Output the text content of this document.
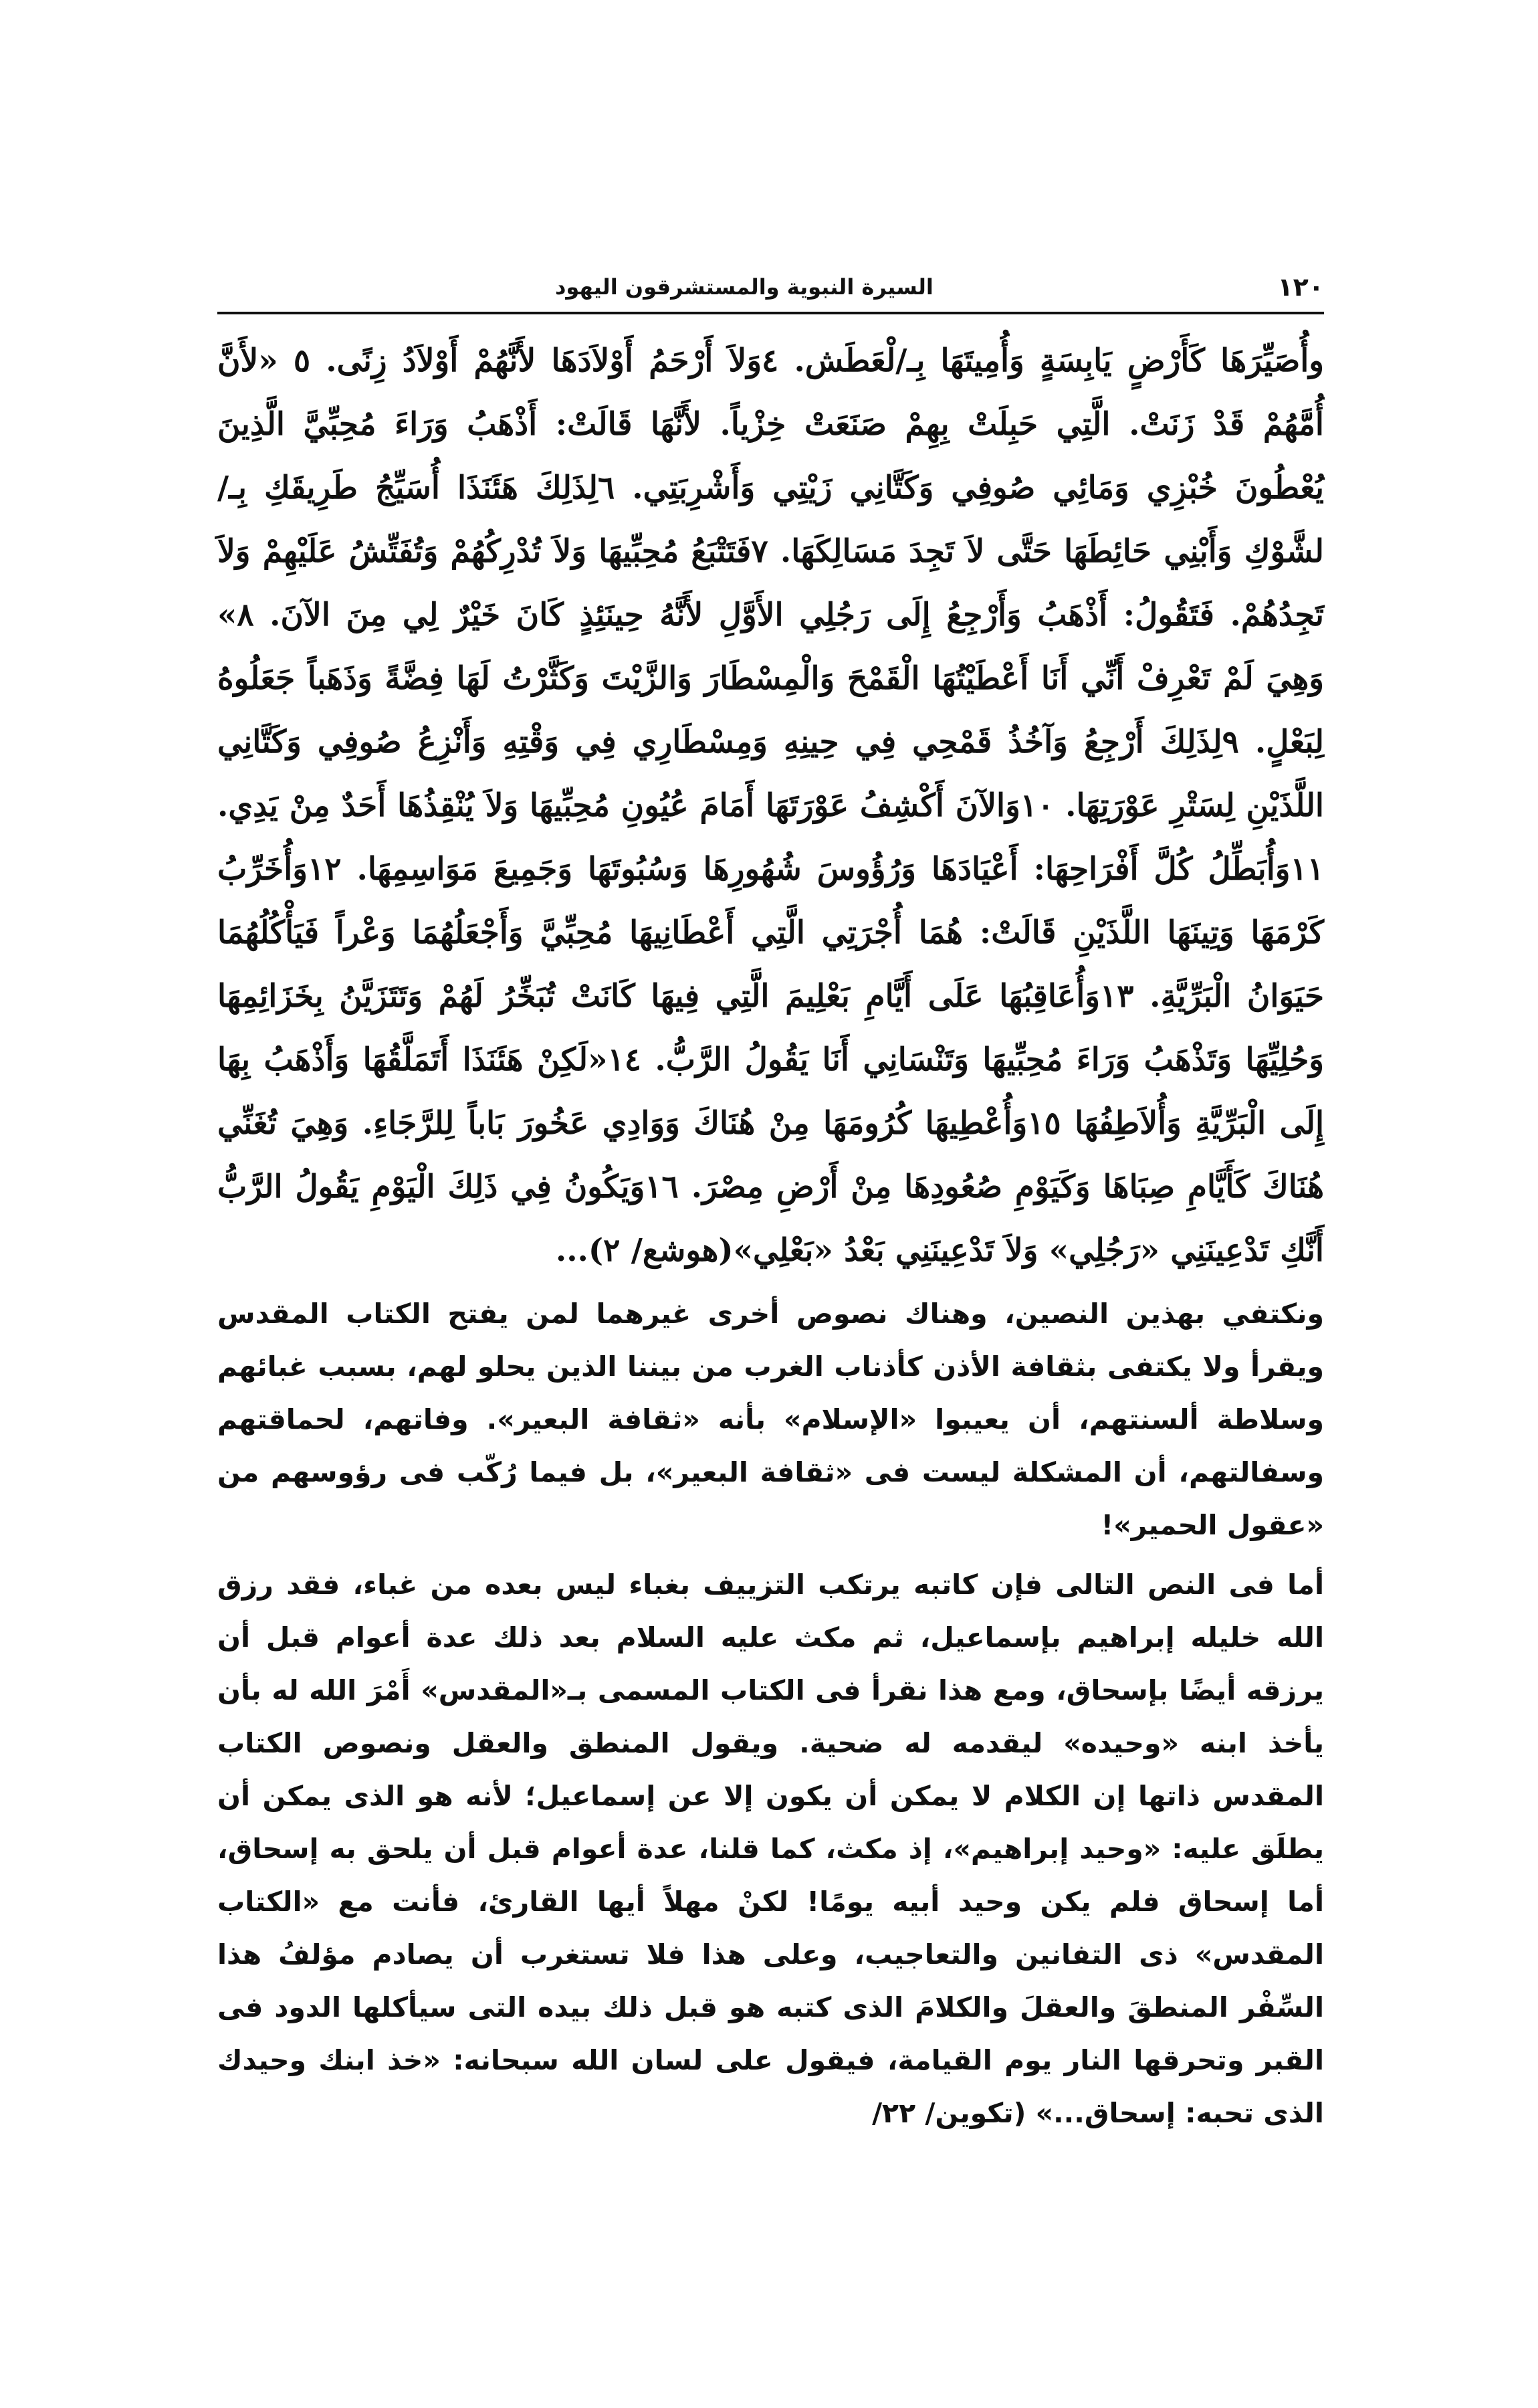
١٢٠
السيرة النبوية والمستشرقون اليهود

وأُصَيِّرَهَا كَأَرْضٍ يَابِسَةٍ وَأُمِيتَهَا بِـ/لْعَطَش. ٤وَلاَ أَرْحَمُ أَوْلاَدَهَا لأَنَّهُمْ أَوْلاَدُ زِنًى. ٥ «لأَنَّ أُمَّهُمْ قَدْ زَنَتْ. الَّتِي حَبِلَتْ بِهِمْ صَنَعَتْ خِزْياً. لأَنَّهَا قَالَتْ: أَذْهَبُ وَرَاءَ مُحِبِّيَّ الَّذِينَ يُعْطُونَ خُبْزِي وَمَائِي صُوفِي وَكَتَّانِي زَيْتِي وَأَشْرِبَتِي. ٦لِذَلِكَ هَئَنَذَا أُسَيِّجُ طَرِيقَكِ بِـ/لشَّوْكِ وَأَبْنِي حَائِطَهَا حَتَّى لاَ تَجِدَ مَسَالِكَهَا. ٧فَتَتْبَعُ مُحِبِّيهَا وَلاَ تُدْرِكُهُمْ وَتُفَتِّشُ عَلَيْهِمْ وَلاَ تَجِدُهُمْ. فَتَقُولُ: أَذْهَبُ وَأَرْجِعُ إِلَى رَجُلِي الأَوَّلِ لأَنَّهُ حِينَئِذٍ كَانَ خَيْرٌ لِي مِنَ الآنَ. ٨» وَهِيَ لَمْ تَعْرِفْ أَنِّي أَنَا أَعْطَيْتُهَا الْقَمْحَ وَالْمِسْطَارَ وَالزَّيْتَ وَكَثَّرْتُ لَهَا فِضَّةً وَذَهَباً جَعَلُوهُ لِبَعْلٍ. ٩لِذَلِكَ أَرْجِعُ وَآخُذُ قَمْحِي فِي حِينِهِ وَمِسْطَارِي فِي وَقْتِهِ وَأَنْزِعُ صُوفِي وَكَتَّانِي اللَّذَيْنِ لِسَتْرِ عَوْرَتِهَا. ١٠وَالآنَ أَكْشِفُ عَوْرَتَهَا أَمَامَ عُيُونِ مُحِبِّيهَا وَلاَ يُنْقِذُهَا أَحَدٌ مِنْ يَدِي. ١١وَأُبَطِّلُ كُلَّ أَفْرَاحِهَا: أَعْيَادَهَا وَرُؤُوسَ شُهُورِهَا وَسُبُوتَهَا وَجَمِيعَ مَوَاسِمِهَا. ١٢وَأُخَرِّبُ كَرْمَهَا وَتِينَهَا اللَّذَيْنِ قَالَتْ: هُمَا أُجْرَتِي الَّتِي أَعْطَانِيهَا مُحِبِّيَّ وَأَجْعَلُهُمَا وَعْراً فَيَأْكُلُهُمَا حَيَوَانُ الْبَرِّيَّةِ. ١٣وَأُعَاقِبُهَا عَلَى أَيَّامِ بَعْلِيمَ الَّتِي فِيهَا كَانَتْ تُبَخِّرُ لَهُمْ وَتَتَزَيَّنُ بِخَزَائِمِهَا وَحُلِيِّهَا وَتَذْهَبُ وَرَاءَ مُحِبِّيهَا وَتَنْسَانِي أَنَا يَقُولُ الرَّبُّ. ١٤«لَكِنْ هَئَنَذَا أَتَمَلَّقُهَا وَأَذْهَبُ بِهَا إِلَى الْبَرِّيَّةِ وَأُلاَطِفُهَا ١٥وَأُعْطِيهَا كُرُومَهَا مِنْ هُنَاكَ وَوَادِي عَخُورَ بَاباً لِلرَّجَاءِ. وَهِيَ تُغَنِّي هُنَاكَ كَأَيَّامِ صِبَاهَا وَكَيَوْمِ صُعُودِهَا مِنْ أَرْضِ مِصْرَ. ١٦وَيَكُونُ فِي ذَلِكَ الْيَوْمِ يَقُولُ الرَّبُّ أَنَّكِ تَدْعِينَنِي «رَجُلِي» وَلاَ تَدْعِينَنِي بَعْدُ «بَعْلِي»(هوشع/ ٢)...

ونكتفي بهذين النصين، وهناك نصوص أخرى غيرهما لمن يفتح الكتاب المقدس ويقرأ ولا يكتفى بثقافة الأذن كأذناب الغرب من بيننا الذين يحلو لهم، بسبب غبائهم وسلاطة ألسنتهم، أن يعيبوا «الإسلام» بأنه «ثقافة البعير». وفاتهم، لحماقتهم وسفالتهم، أن المشكلة ليست فى «ثقافة البعير»، بل فيما رُكّب فى رؤوسهم من «عقول الحمير»!

أما فى النص التالى فإن كاتبه يرتكب التزييف بغباء ليس بعده من غباء، فقد رزق الله خليله إبراهيم بإسماعيل، ثم مكث عليه السلام بعد ذلك عدة أعوام قبل أن يرزقه أيضًا بإسحاق، ومع هذا نقرأ فى الكتاب المسمى بـ«المقدس» أَمْرَ الله له بأن يأخذ ابنه «وحيده» ليقدمه له ضحية. ويقول المنطق والعقل ونصوص الكتاب المقدس ذاتها إن الكلام لا يمكن أن يكون إلا عن إسماعيل؛ لأنه هو الذى يمكن أن يطلَق عليه: «وحيد إبراهيم»، إذ مكث، كما قلنا، عدة أعوام قبل أن يلحق به إسحاق، أما إسحاق فلم يكن وحيد أبيه يومًا! لكنْ مهلاً أيها القارئ، فأنت مع «الكتاب المقدس» ذى التفانين والتعاجيب، وعلى هذا فلا تستغرب أن يصادم مؤلفُ هذا السِّفْر المنطقَ والعقلَ والكلامَ الذى كتبه هو قبل ذلك بيده التى سيأكلها الدود فى القبر وتحرقها النار يوم القيامة، فيقول على لسان الله سبحانه: «خذ ابنك وحيدك الذى تحبه: إسحاق...» (تكوين/ ٢٢/
